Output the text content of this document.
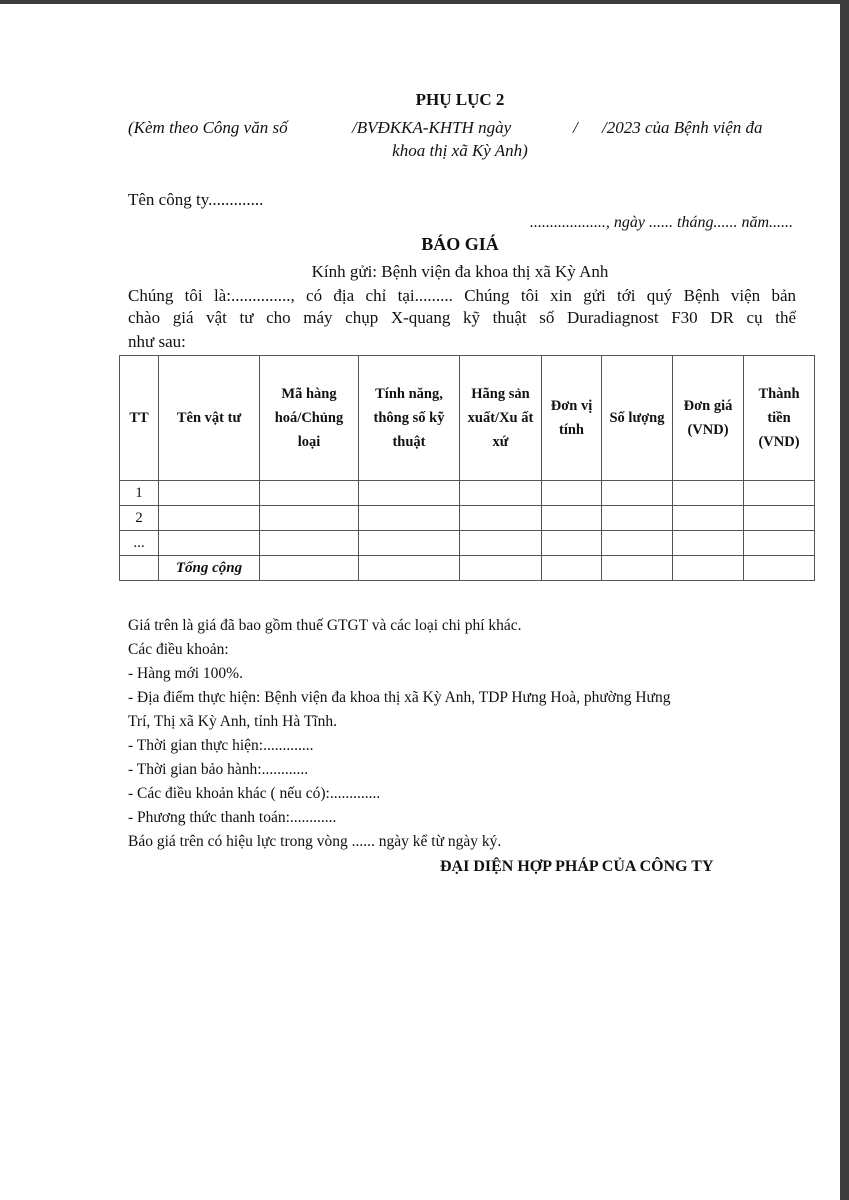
PHỤ LỤC 2
(Kèm theo Công văn số	/BVĐKKA-KHTH ngày	/ /2023 của Bệnh viện đa
khoa thị xã Kỳ Anh)
Tên công ty.............
..................., ngày ...... tháng...... năm......
BÁO GIÁ
Kính gửi: Bệnh viện đa khoa thị xã Kỳ Anh
Chúng tôi là:.............., có địa chỉ tại......... Chúng tôi xin gửi tới quý Bệnh viện bản
chào giá vật tư cho máy chụp X-quang kỹ thuật số Duradiagnost F30 DR cụ thể
như sau:
TT	Tên vật tư	Mã hàng hoá/Chủng loại	Tính năng, thông số kỹ thuật	Hãng sản xuất/Xu ất xứ	Đơn vị tính	Số lượng	Đơn giá (VND)	Thành tiền (VND)
1								
2								
...								
	Tổng cộng							
Giá trên là giá đã bao gồm thuế GTGT và các loại chi phí khác.
Các điều khoản:
- Hàng mới 100%.
- Địa điểm thực hiện: Bệnh viện đa khoa thị xã Kỳ Anh, TDP Hưng Hoà, phường Hưng
Trí, Thị xã Kỳ Anh, tỉnh Hà Tĩnh.
- Thời gian thực hiện:.............
- Thời gian bảo hành:............
- Các điều khoản khác ( nếu có):.............
- Phương thức thanh toán:............
Báo giá trên có hiệu lực trong vòng ...... ngày kể từ ngày ký.
ĐẠI DIỆN HỢP PHÁP CỦA CÔNG TY
